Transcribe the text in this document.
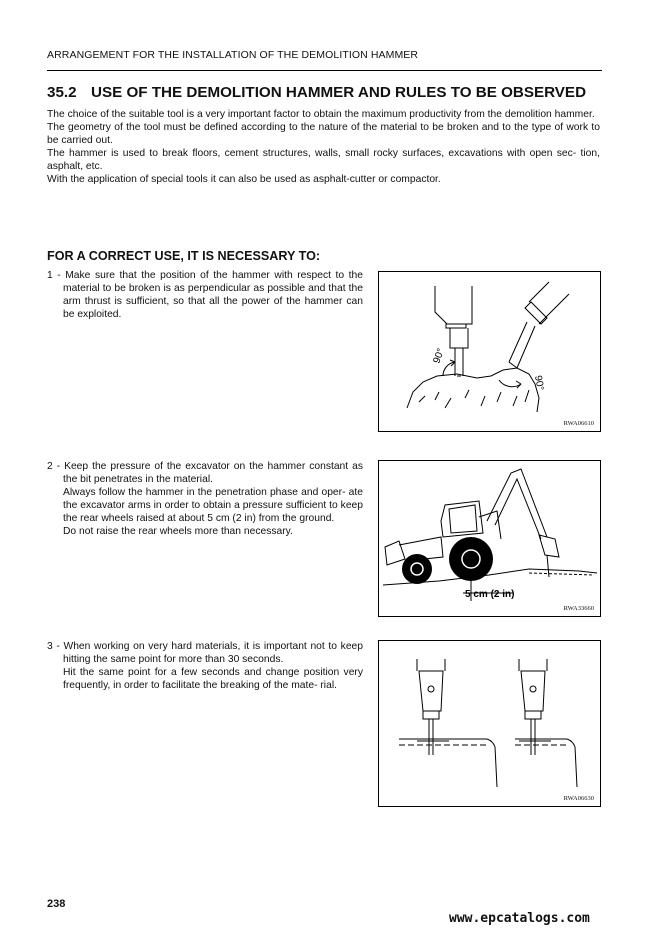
ARRANGEMENT FOR THE INSTALLATION OF THE DEMOLITION HAMMER
35.2 USE OF THE DEMOLITION HAMMER AND RULES TO BE OBSERVED

The choice of the suitable tool is a very important factor to obtain the maximum productivity from the demolition hammer.

The geometry of the tool must be defined according to the nature of the material to be broken and to the type of work to be carried out.

The hammer is used to break floors, cement structures, walls, small rocky surfaces, excavations with open sec- tion, asphalt, etc.

With the application of special tools it can also be used as asphalt-cutter or compactor.

FOR A CORRECT USE, IT IS NECESSARY TO:
1 - Make sure that the position of the hammer with respect to the material to be broken is as perpendicular as possible and that the arm thrust is sufficient, so that all the power of the hammer can be exploited.
2 - Keep the pressure of the excavator on the hammer constant as the bit penetrates in the material.
Always follow the hammer in the penetration phase and oper- ate the excavator arms in order to obtain a pressure sufficient to keep the rear wheels raised at about 5 cm (2 in) from the ground.
Do not raise the rear wheels more than necessary.
3 - When working on very hard materials, it is important not to keep hitting the same point for more than 30 seconds.
Hit the same point for a few seconds and change position very frequently, in order to facilitate the breaking of the mate- rial.
90°
90°
RWA06610
5 cm (2 in)
RWA33660
RWA06630
238
www.epcatalogs.com
